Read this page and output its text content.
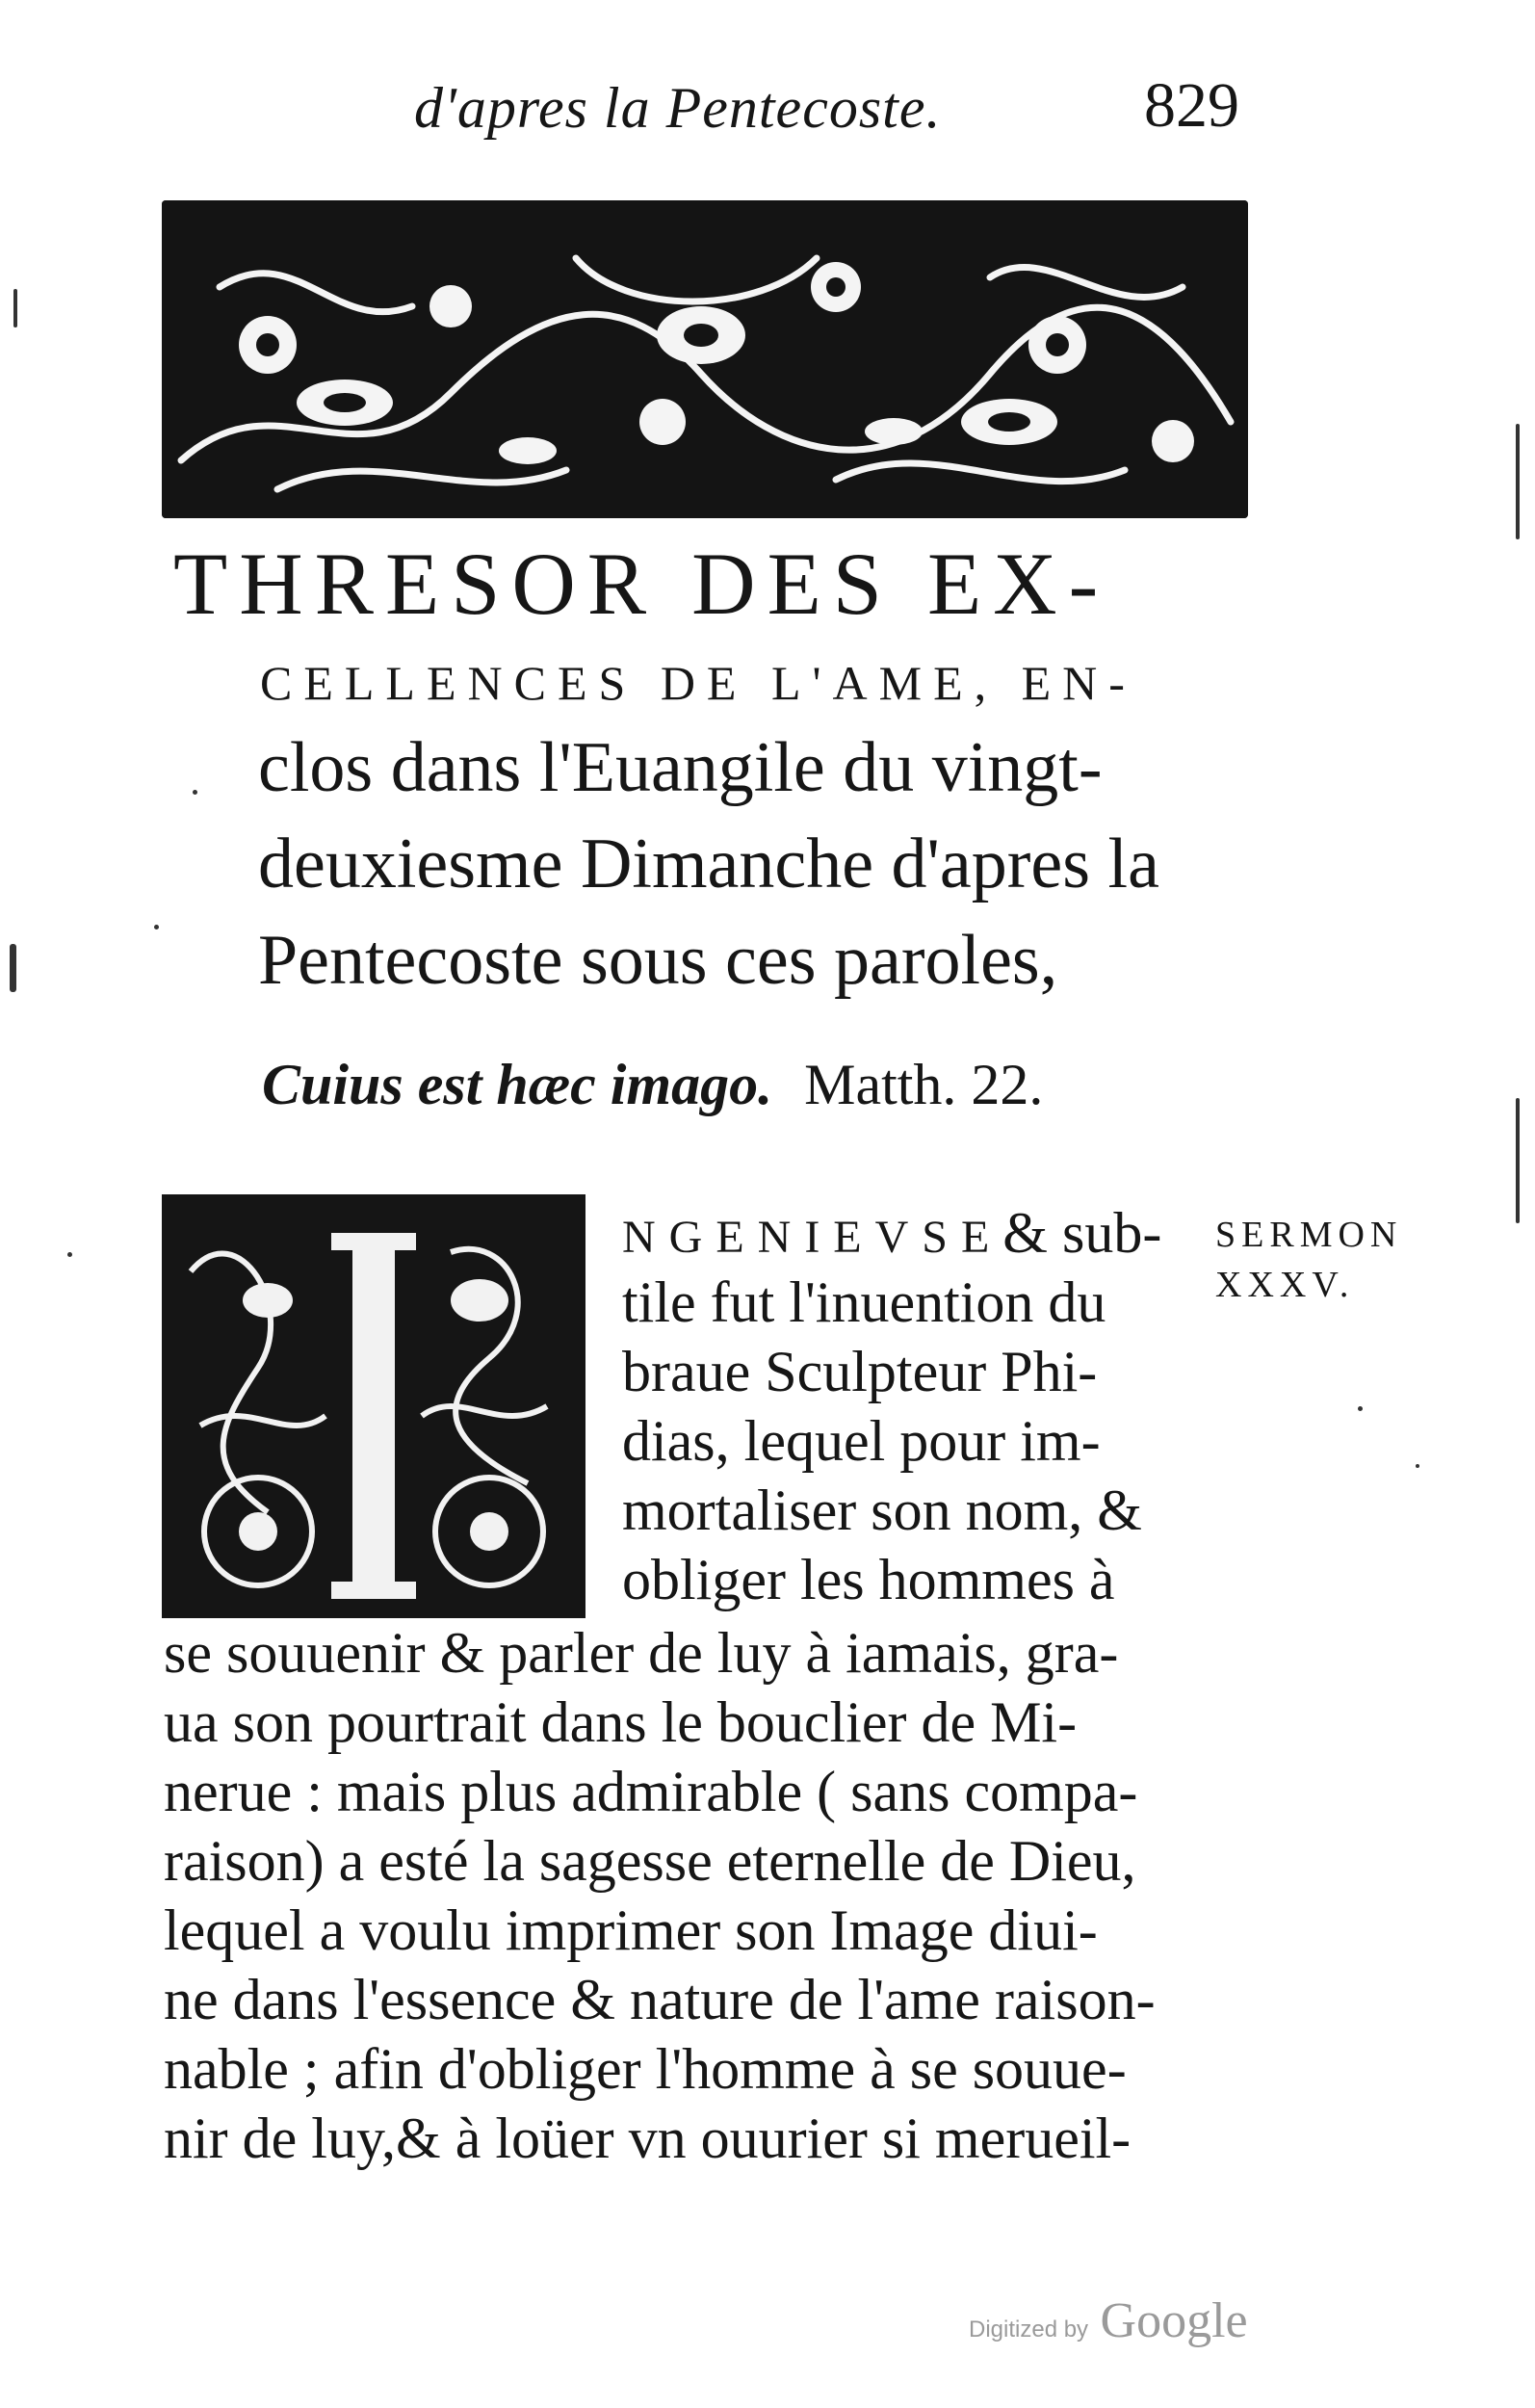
d'apres la Pentecoste.	829
THRESOR DES EX-
CELLENCES DE L'AME, EN-
clos dans l'Euangile du vingt-
deuxiesme Dimanche d'apres la
Pentecoste sous ces paroles,
Cuius est hæc imago. Matth. 22.
SERMON
XXXV.
NGENIEVSE& sub-
tile fut l'inuention du
braue Sculpteur Phi-
dias, lequel pour im-
mortaliser son nom, &
obliger les hommes à
se souuenir & parler de luy à iamais, gra-
ua son pourtrait dans le bouclier de Mi-
nerue : mais plus admirable ( sans compa-
raison) a esté la sagesse eternelle de Dieu,
lequel a voulu imprimer son Image diui-
ne dans l'essence & nature de l'ame raison-
nable ; afin d'obliger l'homme à se souue-
nir de luy,& à loüer vn ouurier si merueil-
Digitized by Google
